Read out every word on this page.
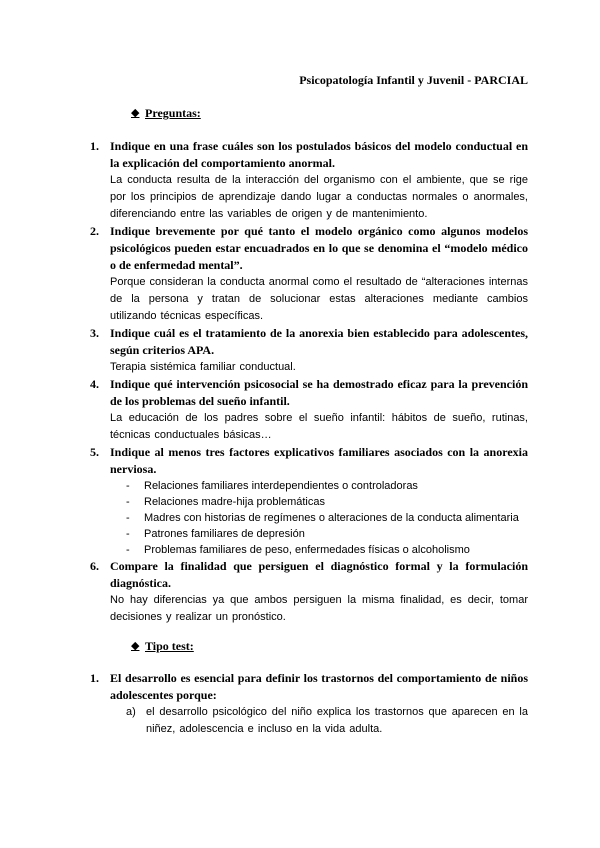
Psicopatología Infantil y Juvenil - PARCIAL
◆ Preguntas:
1. Indique en una frase cuáles son los postulados básicos del modelo conductual en la explicación del comportamiento anormal.
La conducta resulta de la interacción del organismo con el ambiente, que se rige por los principios de aprendizaje dando lugar a conductas normales o anormales, diferenciando entre las variables de origen y de mantenimiento.
2. Indique brevemente por qué tanto el modelo orgánico como algunos modelos psicológicos pueden estar encuadrados en lo que se denomina el “modelo médico o de enfermedad mental”.
Porque consideran la conducta anormal como el resultado de “alteraciones internas de la persona y tratan de solucionar estas alteraciones mediante cambios utilizando técnicas específicas.
3. Indique cuál es el tratamiento de la anorexia bien establecido para adolescentes, según criterios APA.
Terapia sistémica familiar conductual.
4. Indique qué intervención psicosocial se ha demostrado eficaz para la prevención de los problemas del sueño infantil.
La educación de los padres sobre el sueño infantil: hábitos de sueño, rutinas, técnicas conductuales básicas…
5. Indique al menos tres factores explicativos familiares asociados con la anorexia nerviosa.
- Relaciones familiares interdependientes o controladoras
- Relaciones madre-hija problemáticas
- Madres con historias de regímenes o alteraciones de la conducta alimentaria
- Patrones familiares de depresión
- Problemas familiares de peso, enfermedades físicas o alcoholismo
6. Compare la finalidad que persiguen el diagnóstico formal y la formulación diagnóstica.
No hay diferencias ya que ambos persiguen la misma finalidad, es decir, tomar decisiones y realizar un pronóstico.
◆ Tipo test:
1. El desarrollo es esencial para definir los trastornos del comportamiento de niños adolescentes porque:
a) el desarrollo psicológico del niño explica los trastornos que aparecen en la niñez, adolescencia e incluso en la vida adulta.
